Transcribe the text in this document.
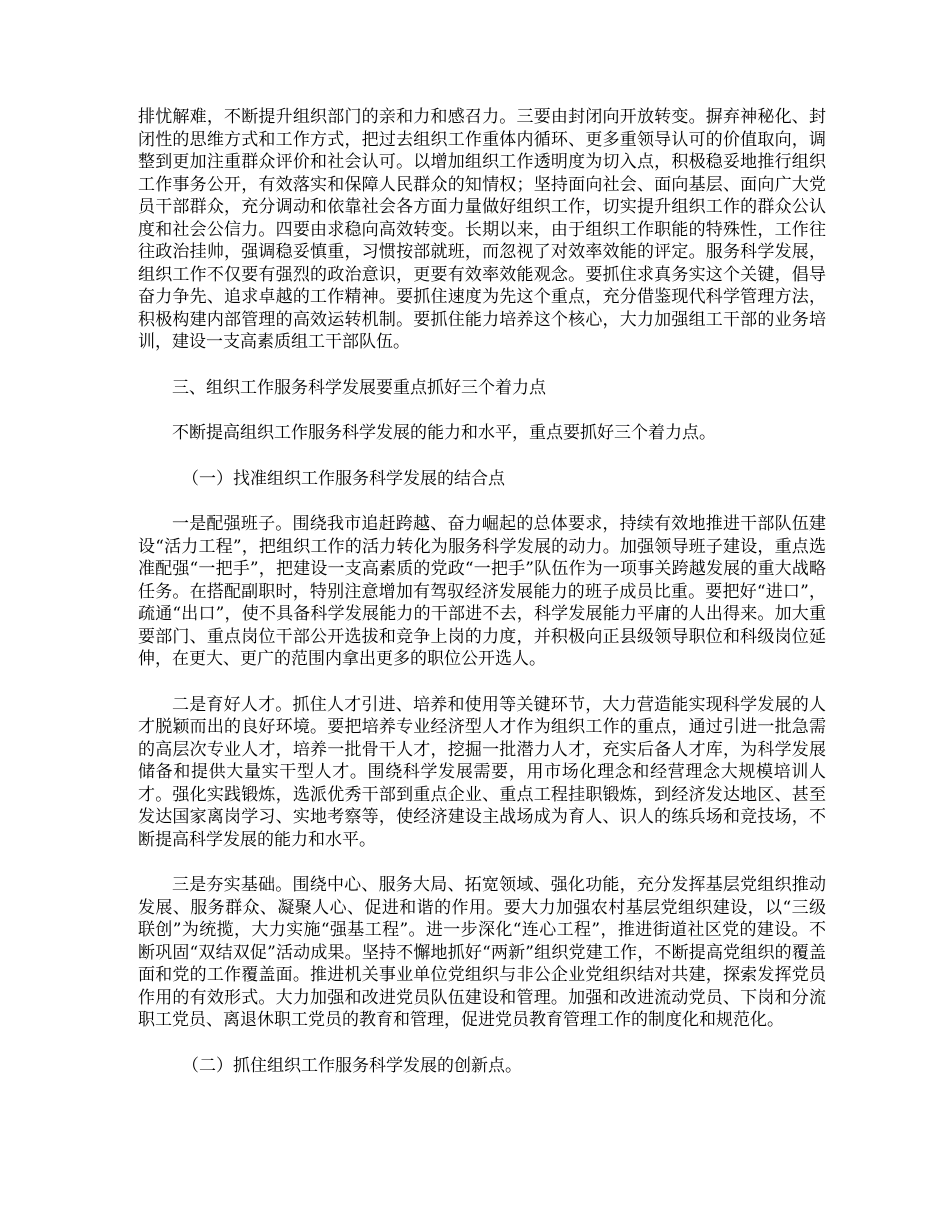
排忧解难，不断提升组织部门的亲和力和感召力。三要由封闭向开放转变。摒弃神秘化、封闭性的思维方式和工作方式，把过去组织工作重体内循环、更多重领导认可的价值取向，调整到更加注重群众评价和社会认可。以增加组织工作透明度为切入点，积极稳妥地推行组织工作事务公开，有效落实和保障人民群众的知情权；坚持面向社会、面向基层、面向广大党员干部群众，充分调动和依靠社会各方面力量做好组织工作，切实提升组织工作的群众公认度和社会公信力。四要由求稳向高效转变。长期以来，由于组织工作职能的特殊性，工作往往政治挂帅，强调稳妥慎重，习惯按部就班，而忽视了对效率效能的评定。服务科学发展，组织工作不仅要有强烈的政治意识，更要有效率效能观念。要抓住求真务实这个关键，倡导奋力争先、追求卓越的工作精神。要抓住速度为先这个重点，充分借鉴现代科学管理方法，积极构建内部管理的高效运转机制。要抓住能力培养这个核心，大力加强组工干部的业务培训，建设一支高素质组工干部队伍。

三、组织工作服务科学发展要重点抓好三个着力点

不断提高组织工作服务科学发展的能力和水平，重点要抓好三个着力点。

（一）找准组织工作服务科学发展的结合点

一是配强班子。围绕我市追赶跨越、奋力崛起的总体要求，持续有效地推进干部队伍建设“活力工程”，把组织工作的活力转化为服务科学发展的动力。加强领导班子建设，重点选准配强“一把手”，把建设一支高素质的党政“一把手”队伍作为一项事关跨越发展的重大战略任务。在搭配副职时，特别注意增加有驾驭经济发展能力的班子成员比重。要把好“进口”，疏通“出口”，使不具备科学发展能力的干部进不去，科学发展能力平庸的人出得来。加大重要部门、重点岗位干部公开选拔和竞争上岗的力度，并积极向正县级领导职位和科级岗位延伸，在更大、更广的范围内拿出更多的职位公开选人。

二是育好人才。抓住人才引进、培养和使用等关键环节，大力营造能实现科学发展的人才脱颖而出的良好环境。要把培养专业经济型人才作为组织工作的重点，通过引进一批急需的高层次专业人才，培养一批骨干人才，挖掘一批潜力人才，充实后备人才库，为科学发展储备和提供大量实干型人才。围绕科学发展需要，用市场化理念和经营理念大规模培训人才。强化实践锻炼，选派优秀干部到重点企业、重点工程挂职锻炼，到经济发达地区、甚至发达国家离岗学习、实地考察等，使经济建设主战场成为育人、识人的练兵场和竞技场，不断提高科学发展的能力和水平。

三是夯实基础。围绕中心、服务大局、拓宽领域、强化功能，充分发挥基层党组织推动发展、服务群众、凝聚人心、促进和谐的作用。要大力加强农村基层党组织建设，以“三级联创”为统揽，大力实施“强基工程”。进一步深化“连心工程”，推进街道社区党的建设。不断巩固“双结双促”活动成果。坚持不懈地抓好“两新”组织党建工作，不断提高党组织的覆盖面和党的工作覆盖面。推进机关事业单位党组织与非公企业党组织结对共建，探索发挥党员作用的有效形式。大力加强和改进党员队伍建设和管理。加强和改进流动党员、下岗和分流职工党员、离退休职工党员的教育和管理，促进党员教育管理工作的制度化和规范化。

（二）抓住组织工作服务科学发展的创新点。
